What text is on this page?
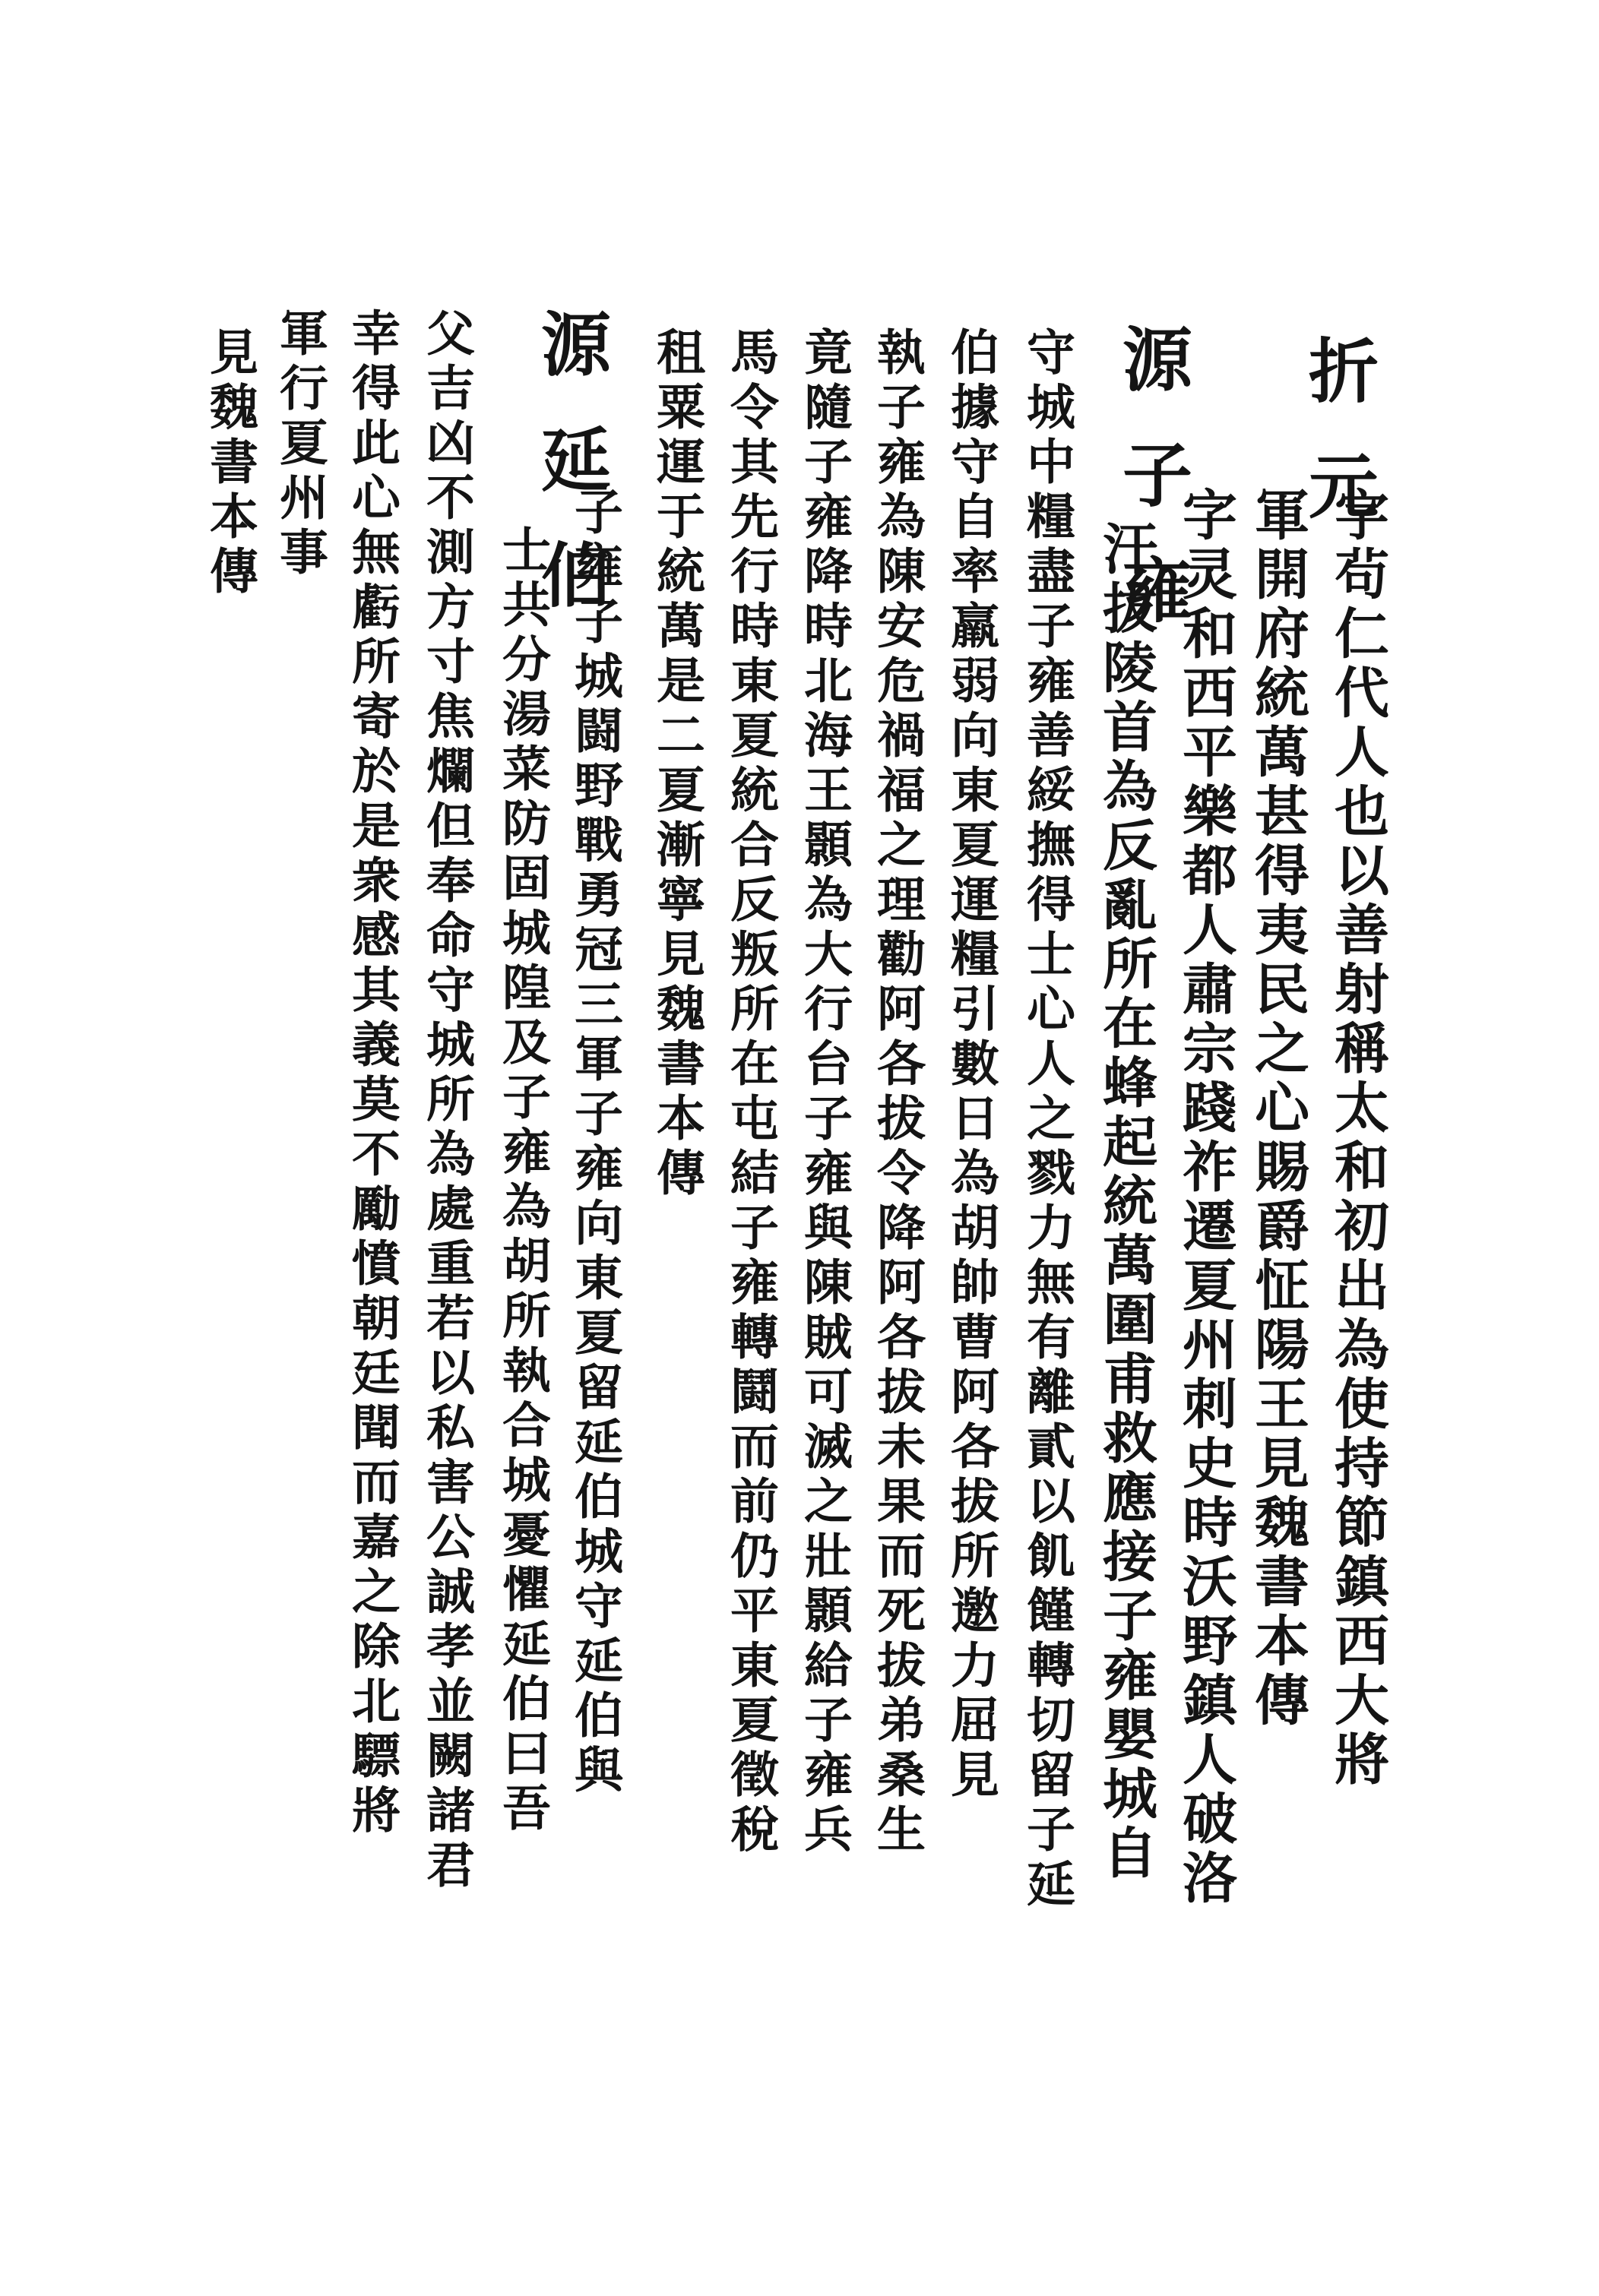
折元
字茍仁代人也以善射稱太和初出為使持節鎮西大將
軍開府統萬甚得夷民之心賜爵怔陽王見魏書本傳
源子雍
字灵和西平樂都人肅宗踐祚遷夏州刺史時沃野鎮人破洛
汗拔陵首為反亂所在蜂起統萬圍甫救應接子雍嬰城自
守城中糧盡子雍善綏撫得士心人之戮力無有離貳以飢饉轉切留子延
伯據守自率羸弱向東夏運糧引數日為胡帥曹阿各拔所邀力屈見
執子雍為陳安危禍福之理勸阿各拔令降阿各拔未果而死拔弟桑生
竟隨子雍降時北海王顥為大行台子雍與陳賊可滅之壯顥給子雍兵
馬令其先行時東夏統合反叛所在屯結子雍轉鬪而前仍平東夏徵稅
租粟運于統萬是二夏漸寧見魏書本傳
源延伯
子雍子城闘野戰勇冠三軍子雍向東夏留延伯城守延伯與
士共分湯菜防固城隍及子雍為胡所執合城憂懼延伯曰吾
父吉凶不測方寸焦爛但奉命守城所為處重若以私害公誠孝並闕諸君
幸得此心無虧所寄於是衆感其義莫不勵憤朝廷聞而嘉之除北驃將
軍行夏州事
見魏書本傳
